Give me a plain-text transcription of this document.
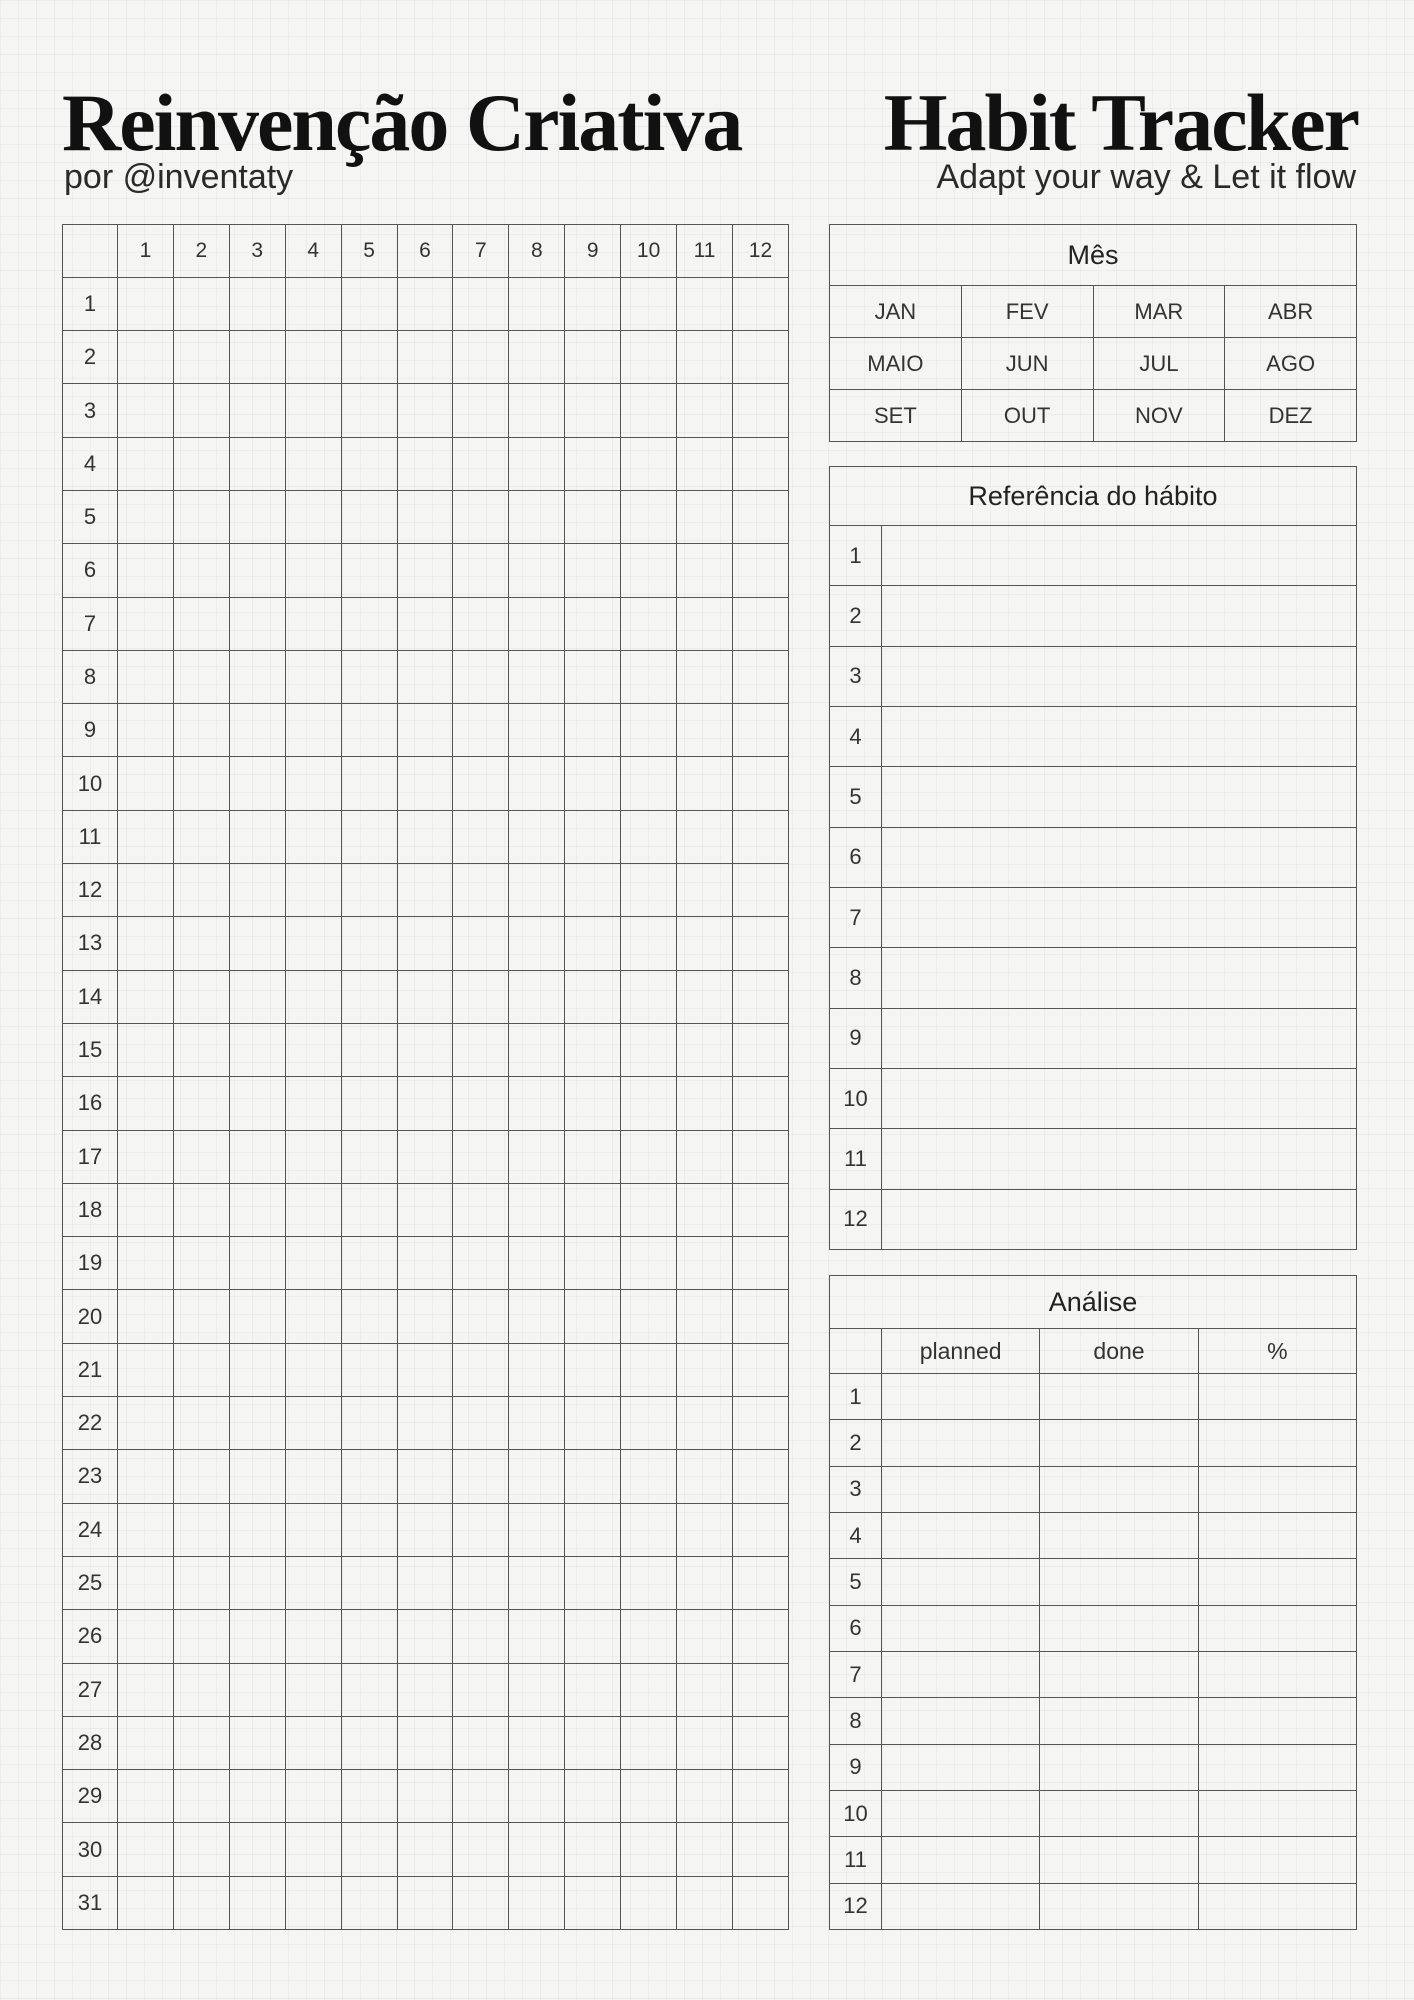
Reinvenção Criativa

por @inventaty

Habit Tracker

Adapt your way & Let it flow

	1	2	3	4	5	6	7	8	9	10	11	12
1												
2												
3												
4												
5												
6												
7												
8												
9												
10												
11												
12												
13												
14												
15												
16												
17												
18												
19												
20												
21												
22												
23												
24												
25												
26												
27												
28												
29												
30												
31												
Mês			
JAN	FEV	MAR	ABR
MAIO	JUN	JUL	AGO
SET	OUT	NOV	DEZ
Referência do hábito	
1	
2	
3	
4	
5	
6	
7	
8	
9	
10	
11	
12	
Análise			
	planned	done	%
1			
2			
3			
4			
5			
6			
7			
8			
9			
10			
11			
12			
